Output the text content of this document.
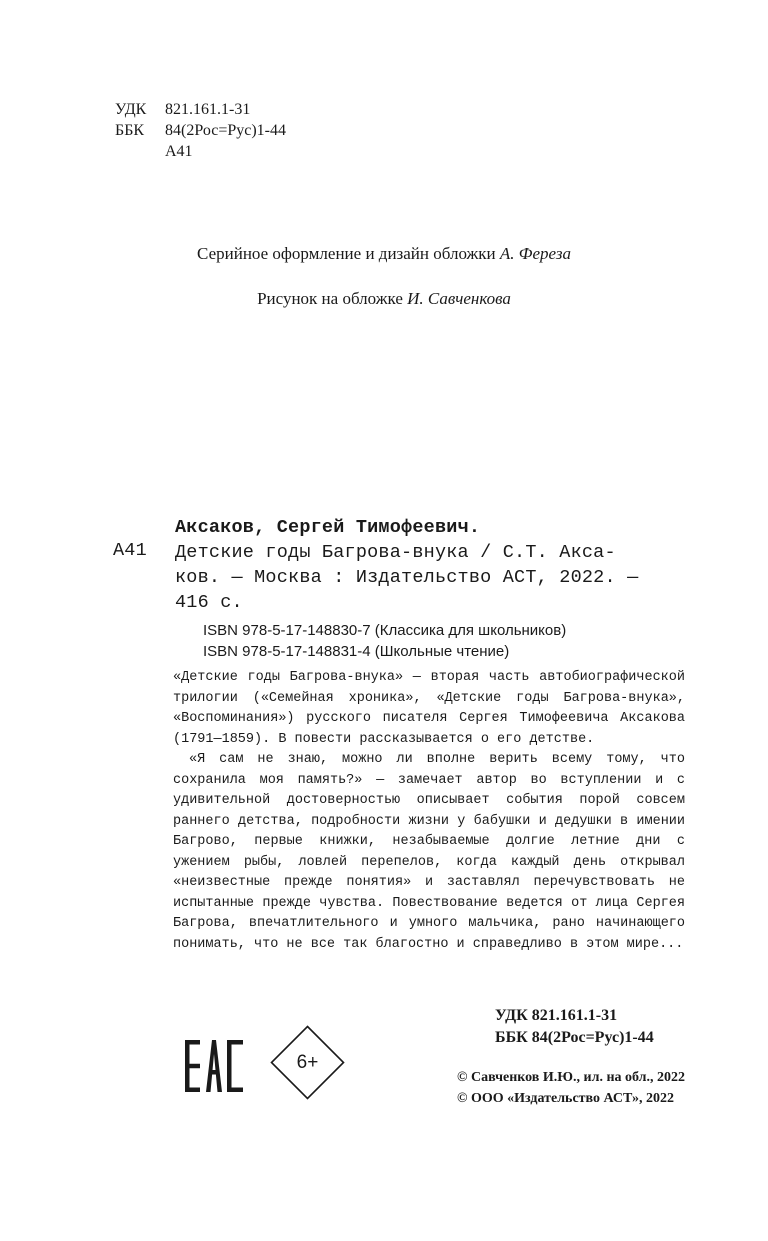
УДК	821.161.1-31
ББК	84(2Рос=Рус)1-44
А41
Серийное оформление и дизайн обложки А. Фереза
Рисунок на обложке И. Савченкова
А41
Аксаков, Сергей Тимофеевич.
Детские годы Багрова-внука / С.Т. Акса-
ков. — Москва : Издательство АСТ, 2022. —
416 с.
ISBN 978-5-17-148830-7 (Классика для школьников)
ISBN 978-5-17-148831-4 (Школьные чтение)

«Детские годы Багрова-внука» — вторая часть автобиографической трилогии («Семейная хроника», «Детские годы Багрова-внука», «Воспоминания») русского писателя Сергея Тимофеевича Аксакова (1791—1859). В повести рассказывается о его детстве.

«Я сам не знаю, можно ли вполне верить всему тому, что сохранила моя память?» — замечает автор во вступлении и с удивительной достоверностью описывает события порой совсем раннего детства, подробности жизни у бабушки и дедушки в имении Багрово, первые книжки, незабываемые долгие летние дни с ужением рыбы, ловлей перепелов, когда каждый день открывал «неизвестные прежде понятия» и заставлял перечувствовать не испытанные прежде чувства. Повествование ведется от лица Сергея Багрова, впечатлительного и умного мальчика, рано начинающего понимать, что не все так благостно и справедливо в этом мире...

УДК 821.161.1-31
ББК 84(2Рос=Рус)1-44
6+
© Савченков И.Ю., ил. на обл., 2022
© ООО «Издательство АСТ», 2022
